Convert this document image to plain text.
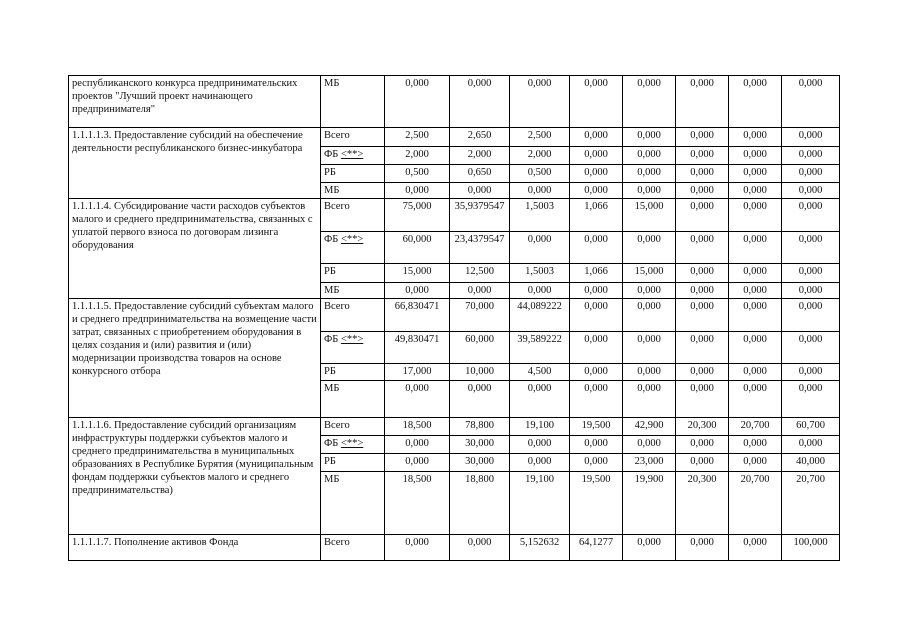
республиканского конкурса предпринимательских проектов "Лучший проект начинающего предпринимателя"	МБ	0,000	0,000	0,000	0,000	0,000	0,000	0,000	0,000
1.1.1.1.3. Предоставление субсидий на обеспечение деятельности республиканского бизнес-инкубатора	Всего	2,500	2,650	2,500	0,000	0,000	0,000	0,000	0,000
	ФБ <**>	2,000	2,000	2,000	0,000	0,000	0,000	0,000	0,000
	РБ	0,500	0,650	0,500	0,000	0,000	0,000	0,000	0,000
	МБ	0,000	0,000	0,000	0,000	0,000	0,000	0,000	0,000
1.1.1.1.4. Субсидирование части расходов субъектов малого и среднего предпринимательства, связанных с уплатой первого взноса по договорам лизинга оборудования	Всего	75,000	35,9379547	1,5003	1,066	15,000	0,000	0,000	0,000
	ФБ <**>	60,000	23,4379547	0,000	0,000	0,000	0,000	0,000	0,000
	РБ	15,000	12,500	1,5003	1,066	15,000	0,000	0,000	0,000
	МБ	0,000	0,000	0,000	0,000	0,000	0,000	0,000	0,000
1.1.1.1.5. Предоставление субсидий субъектам малого и среднего предпринимательства на возмещение части затрат, связанных с приобретением оборудования в целях создания и (или) развития и (или) модернизации производства товаров на основе конкурсного отбора	Всего	66,830471	70,000	44,089222	0,000	0,000	0,000	0,000	0,000
	ФБ <**>	49,830471	60,000	39,589222	0,000	0,000	0,000	0,000	0,000
	РБ	17,000	10,000	4,500	0,000	0,000	0,000	0,000	0,000
	МБ	0,000	0,000	0,000	0,000	0,000	0,000	0,000	0,000
1.1.1.1.6. Предоставление субсидий организациям инфраструктуры поддержки субъектов малого и среднего предпринимательства в муниципальных образованиях в Республике Бурятия (муниципальным фондам поддержки субъектов малого и среднего предпринимательства)	Всего	18,500	78,800	19,100	19,500	42,900	20,300	20,700	60,700
	ФБ <**>	0,000	30,000	0,000	0,000	0,000	0,000	0,000	0,000
	РБ	0,000	30,000	0,000	0,000	23,000	0,000	0,000	40,000
	МБ	18,500	18,800	19,100	19,500	19,900	20,300	20,700	20,700
1.1.1.1.7. Пополнение активов Фонда	Всего	0,000	0,000	5,152632	64,1277	0,000	0,000	0,000	100,000
